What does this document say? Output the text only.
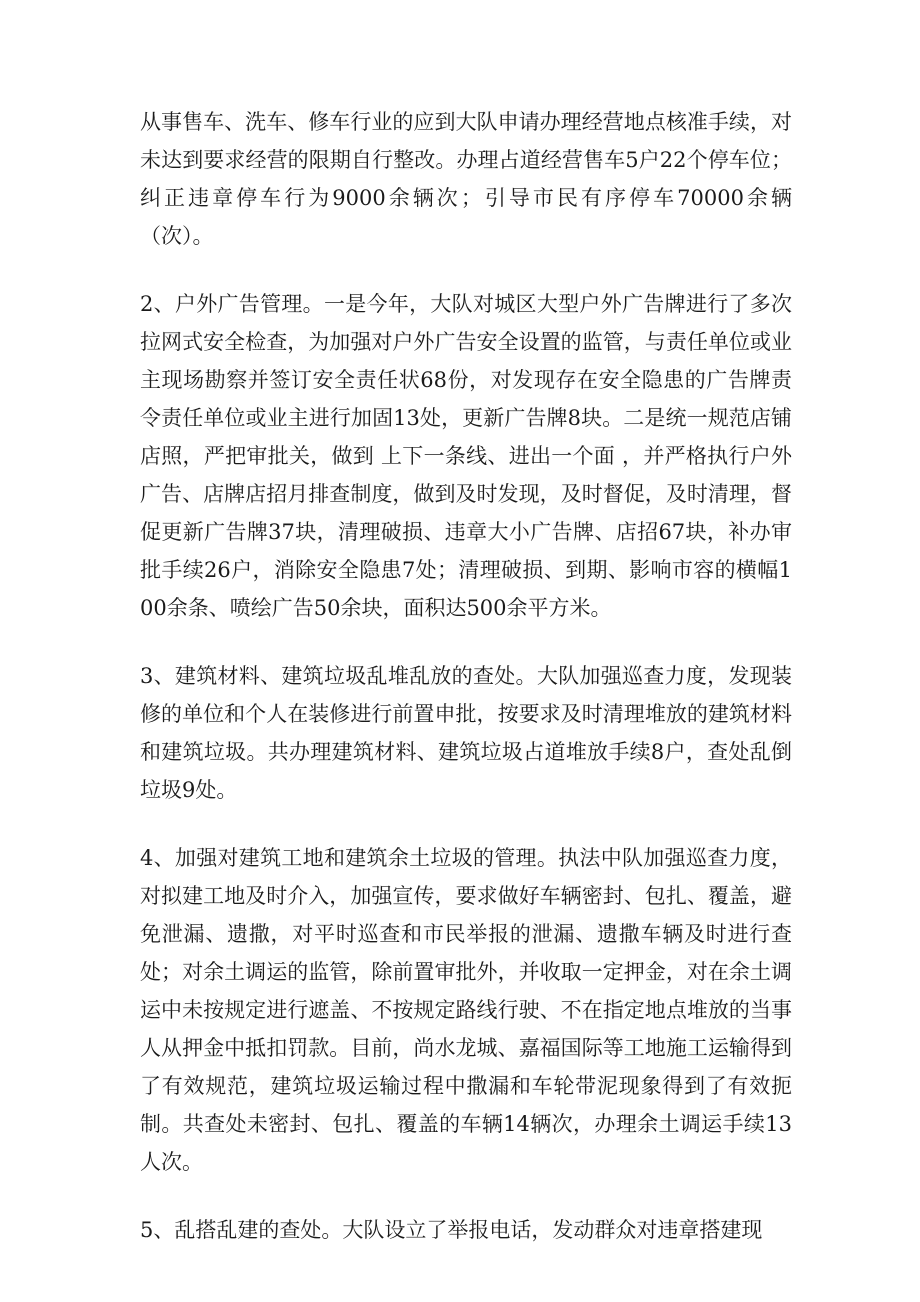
从事售车、洗车、修车行业的应到大队申请办理经营地点核准手续，对未达到要求经营的限期自行整改。办理占道经营售车5户22个停车位；纠正违章停车行为9000余辆次；引导市民有序停车70000余辆（次）。

2、户外广告管理。一是今年，大队对城区大型户外广告牌进行了多次拉网式安全检查，为加强对户外广告安全设置的监管，与责任单位或业主现场勘察并签订安全责任状68份，对发现存在安全隐患的广告牌责令责任单位或业主进行加固13处，更新广告牌8块。二是统一规范店铺店照，严把审批关，做到 上下一条线、进出一个面 ，并严格执行户外广告、店牌店招月排查制度，做到及时发现，及时督促，及时清理，督促更新广告牌37块，清理破损、违章大小广告牌、店招67块，补办审批手续26户，消除安全隐患7处；清理破损、到期、影响市容的横幅100余条、喷绘广告50余块，面积达500余平方米。

3、建筑材料、建筑垃圾乱堆乱放的查处。大队加强巡查力度，发现装修的单位和个人在装修进行前置申批，按要求及时清理堆放的建筑材料和建筑垃圾。共办理建筑材料、建筑垃圾占道堆放手续8户，查处乱倒垃圾9处。

4、加强对建筑工地和建筑余土垃圾的管理。执法中队加强巡查力度，对拟建工地及时介入，加强宣传，要求做好车辆密封、包扎、覆盖，避免泄漏、遗撒，对平时巡查和市民举报的泄漏、遗撒车辆及时进行查处；对余土调运的监管，除前置审批外，并收取一定押金，对在余土调运中未按规定进行遮盖、不按规定路线行驶、不在指定地点堆放的当事人从押金中抵扣罚款。目前，尚水龙城、嘉福国际等工地施工运输得到了有效规范，建筑垃圾运输过程中撒漏和车轮带泥现象得到了有效扼制。共查处未密封、包扎、覆盖的车辆14辆次，办理余土调运手续13人次。

5、乱搭乱建的查处。大队设立了举报电话，发动群众对违章搭建现
